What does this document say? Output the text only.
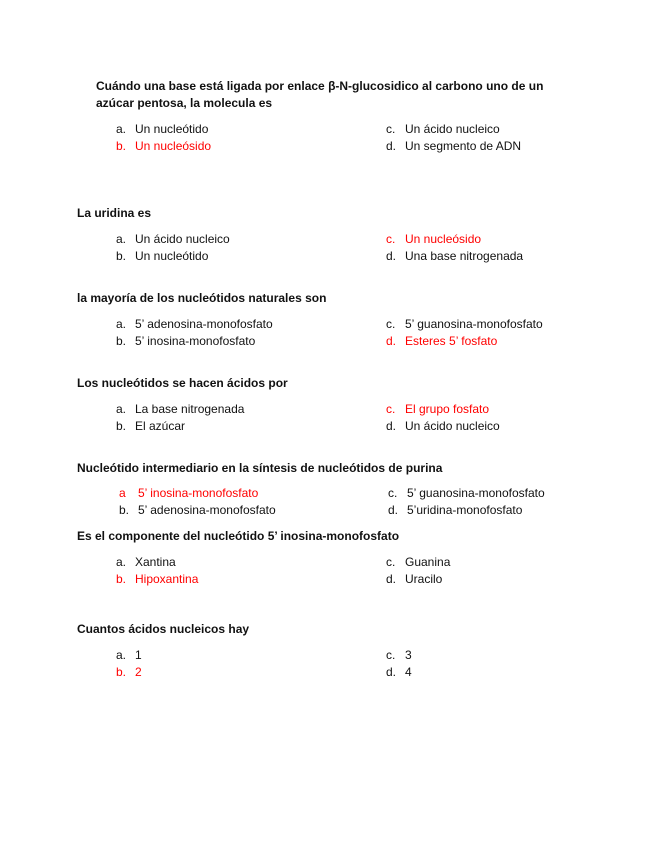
Cuándo una base está ligada por enlace β-N-glucosidico al carbono uno de un azúcar pentosa, la molecula es
a. Un nucleótido
b. Un nucleósido
c. Un ácido nucleico
d. Un segmento de ADN
La uridina es
a. Un ácido nucleico
b. Un nucleótido
c. Un nucleósido
d. Una base nitrogenada
la mayoría de los nucleótidos naturales son
a. 5’ adenosina-monofosfato
b. 5’ inosina-monofosfato
c. 5’ guanosina-monofosfato
d. Esteres 5’ fosfato
Los nucleótidos se hacen ácidos por
a. La base nitrogenada
b. El azúcar
c. El grupo fosfato
d. Un ácido nucleico
Nucleótido intermediario en la síntesis de nucleótidos de purina
a 5’ inosina-monofosfato
b. 5’ adenosina-monofosfato
c. 5’ guanosina-monofosfato
d. 5’uridina-monofosfato
Es el componente del nucleótido 5’ inosina-monofosfato
a. Xantina
b. Hipoxantina
c. Guanina
d. Uracilo
Cuantos ácidos nucleicos hay
a. 1
b. 2
c. 3
d. 4
